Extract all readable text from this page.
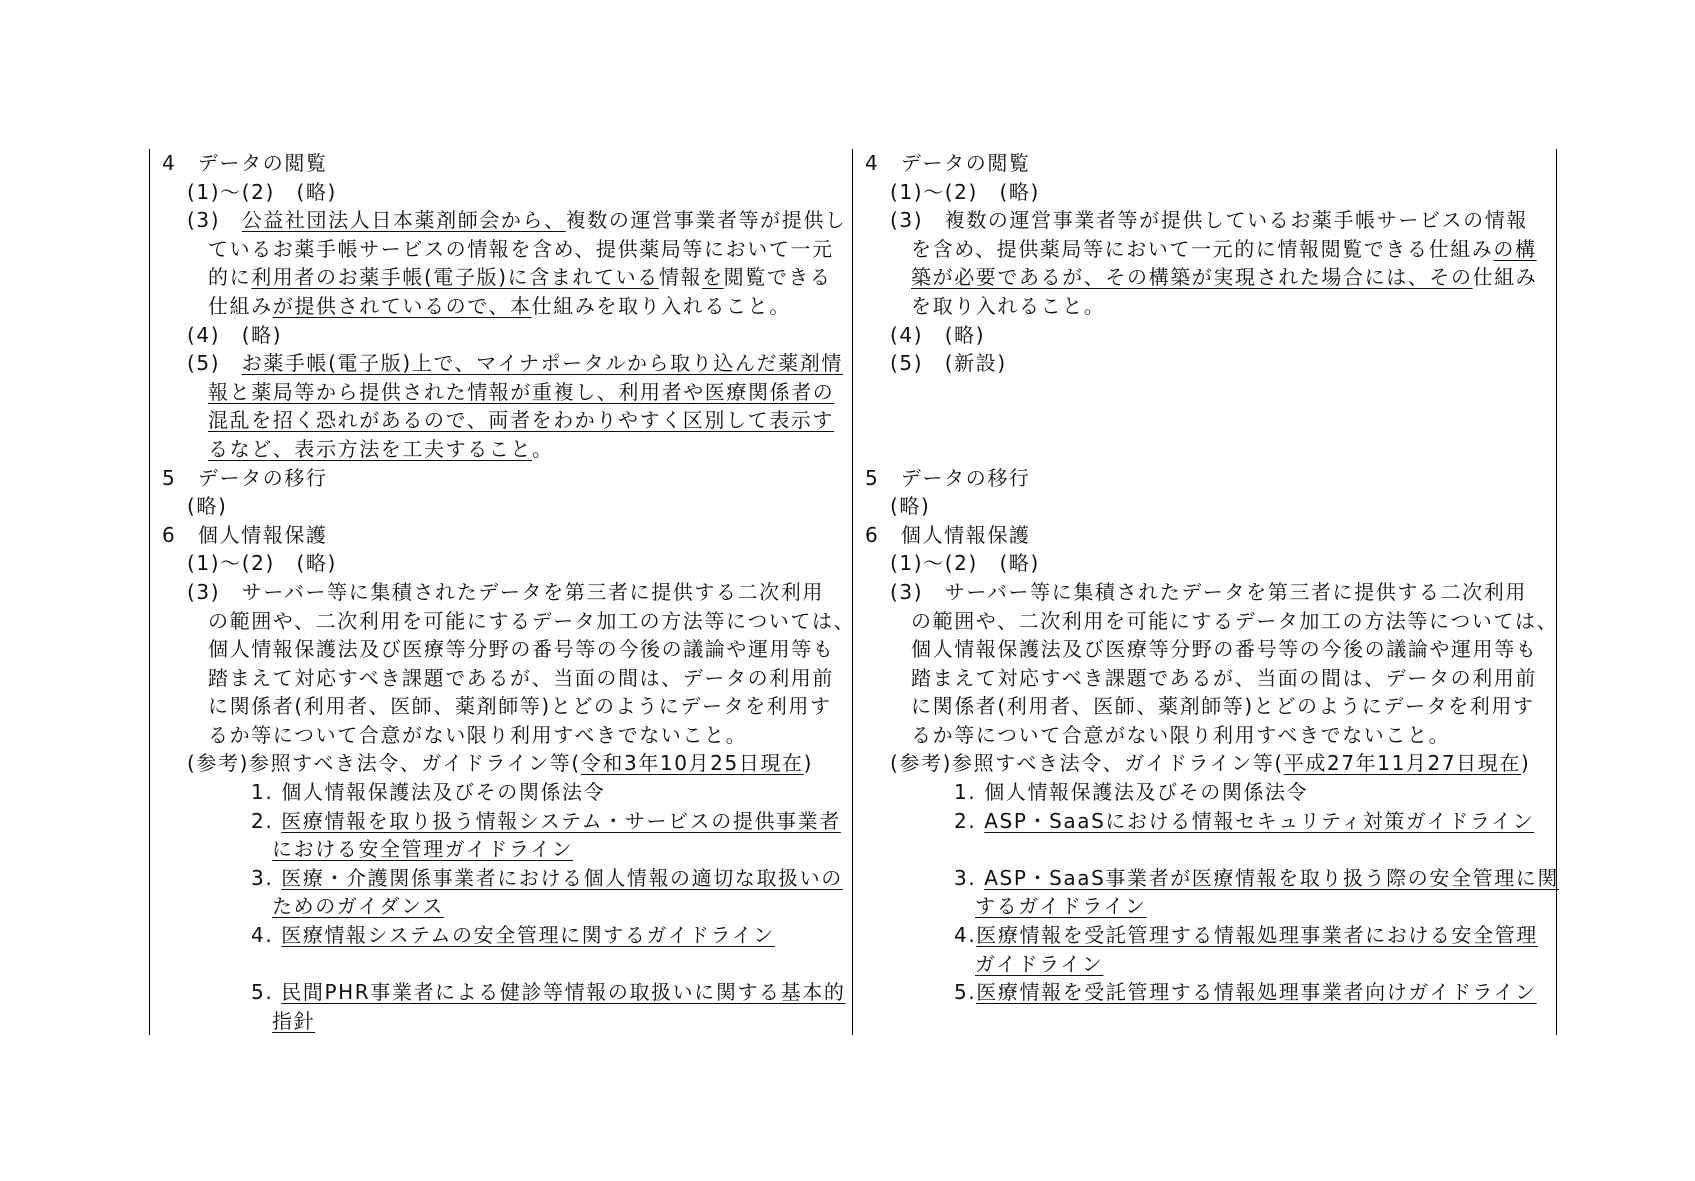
4　データの閲覧
(1)～(2)　(略)
(3)　公益社団法人日本薬剤師会から、複数の運営事業者等が提供し
ているお薬手帳サービスの情報を含め、提供薬局等において一元
的に利用者のお薬手帳(電子版)に含まれている情報を閲覧できる
仕組みが提供されているので、本仕組みを取り入れること。
(4)　(略)
(5)　お薬手帳(電子版)上で、マイナポータルから取り込んだ薬剤情
報と薬局等から提供された情報が重複し、利用者や医療関係者の
混乱を招く恐れがあるので、両者をわかりやすく区別して表示す
るなど、表示方法を工夫すること。
5　データの移行
(略)
6　個人情報保護
(1)～(2)　(略)
(3)　サーバー等に集積されたデータを第三者に提供する二次利用
の範囲や、二次利用を可能にするデータ加工の方法等については、
個人情報保護法及び医療等分野の番号等の今後の議論や運用等も
踏まえて対応すべき課題であるが、当面の間は、データの利用前
に関係者(利用者、医師、薬剤師等)とどのようにデータを利用す
るか等について合意がない限り利用すべきでないこと。
(参考)参照すべき法令、ガイドライン等(令和3年10月25日現在)
1. 個人情報保護法及びその関係法令
2. 医療情報を取り扱う情報システム・サービスの提供事業者
における安全管理ガイドライン
3. 医療・介護関係事業者における個人情報の適切な取扱いの
ためのガイダンス
4. 医療情報システムの安全管理に関するガイドライン
5. 民間PHR事業者による健診等情報の取扱いに関する基本的
指針
4　データの閲覧
(1)～(2)　(略)
(3)　複数の運営事業者等が提供しているお薬手帳サービスの情報
を含め、提供薬局等において一元的に情報閲覧できる仕組みの構
築が必要であるが、その構築が実現された場合には、その仕組み
を取り入れること。
(4)　(略)
(5)　(新設)
5　データの移行
(略)
6　個人情報保護
(1)～(2)　(略)
(3)　サーバー等に集積されたデータを第三者に提供する二次利用
の範囲や、二次利用を可能にするデータ加工の方法等については、
個人情報保護法及び医療等分野の番号等の今後の議論や運用等も
踏まえて対応すべき課題であるが、当面の間は、データの利用前
に関係者(利用者、医師、薬剤師等)とどのようにデータを利用す
るか等について合意がない限り利用すべきでないこと。
(参考)参照すべき法令、ガイドライン等(平成27年11月27日現在)
1. 個人情報保護法及びその関係法令
2. ASP・SaaSにおける情報セキュリティ対策ガイドライン
3. ASP・SaaS事業者が医療情報を取り扱う際の安全管理に関
するガイドライン
4.医療情報を受託管理する情報処理事業者における安全管理
ガイドライン
5.医療情報を受託管理する情報処理事業者向けガイドライン
